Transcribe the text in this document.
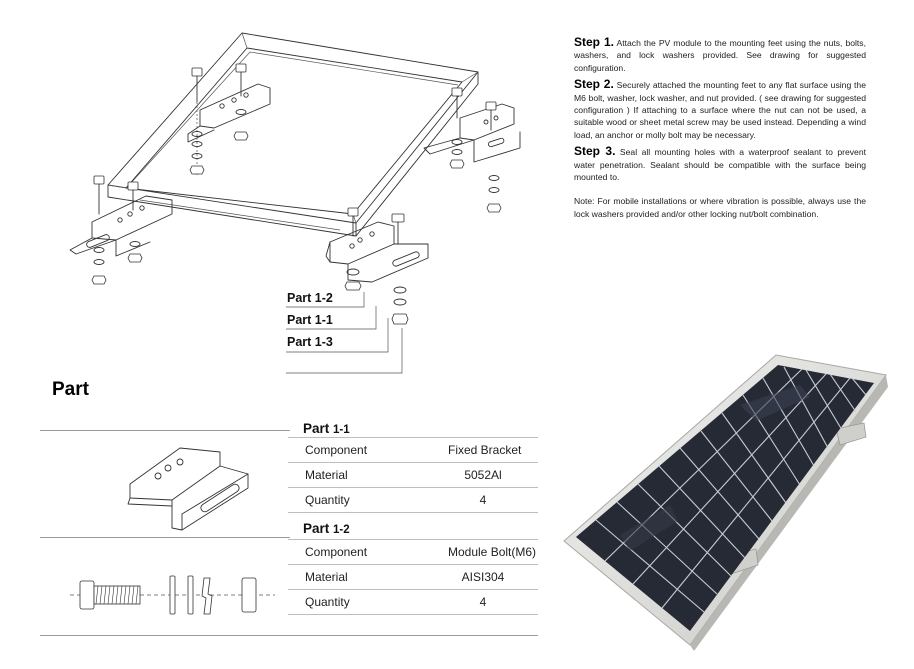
Part 1-2
Part 1-1
Part 1-3

Step 1. Attach the PV module to the mounting feet using the nuts, bolts, washers, and lock washers provided. See drawing for suggested configuration.

Step 2. Securely attached the mounting feet to any flat surface using the M6 bolt, washer, lock washer, and nut provided. ( see drawing for suggested configuration ) If attaching to a surface where the nut can not be used, a suitable wood or sheet metal screw may be used instead. Depending a wind load, an anchor or molly bolt may be necessary.

Step 3. Seal all mounting holes with a waterproof sealant to prevent water penetration. Sealant should be compatible with the surface being mounted to.

Note: For mobile installations or where vibration is possible, always use the lock washers provided and/or other locking nut/bolt combination.

Part
Part 1-1
Component	Fixed Bracket
Material	5052Al
Quantity	4
Part 1-2
Component	Module Bolt(M6)
Material	AISI304
Quantity	4
